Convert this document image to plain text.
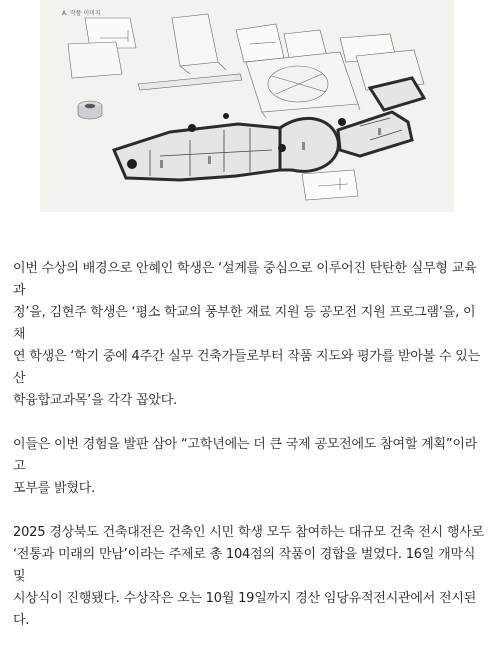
A. 작품 이미지

이번 수상의 배경으로 안혜인 학생은 ‘설계를 중심으로 이루어진 탄탄한 실무형 교육과
정’을, 김현주 학생은 ‘평소 학교의 풍부한 재료 지원 등 공모전 지원 프로그램’을, 이채
연 학생은 ‘학기 중에 4주간 실무 건축가들로부터 작품 지도와 평가를 받아볼 수 있는 산
학융합교과목’을 각각 꼽았다.

이들은 이번 경험을 발판 삼아 “고학년에는 더 큰 국제 공모전에도 참여할 계획”이라고
포부를 밝혔다.

2025 경상북도 건축대전은 건축인 시민 학생 모두 참여하는 대규모 건축 전시 행사로
‘전통과 미래의 만남’이라는 주제로 총 104점의 작품이 경합을 벌였다. 16일 개막식 및
시상식이 진행됐다. 수상작은 오는 10월 19일까지 경산 임당유적전시관에서 전시된다.
